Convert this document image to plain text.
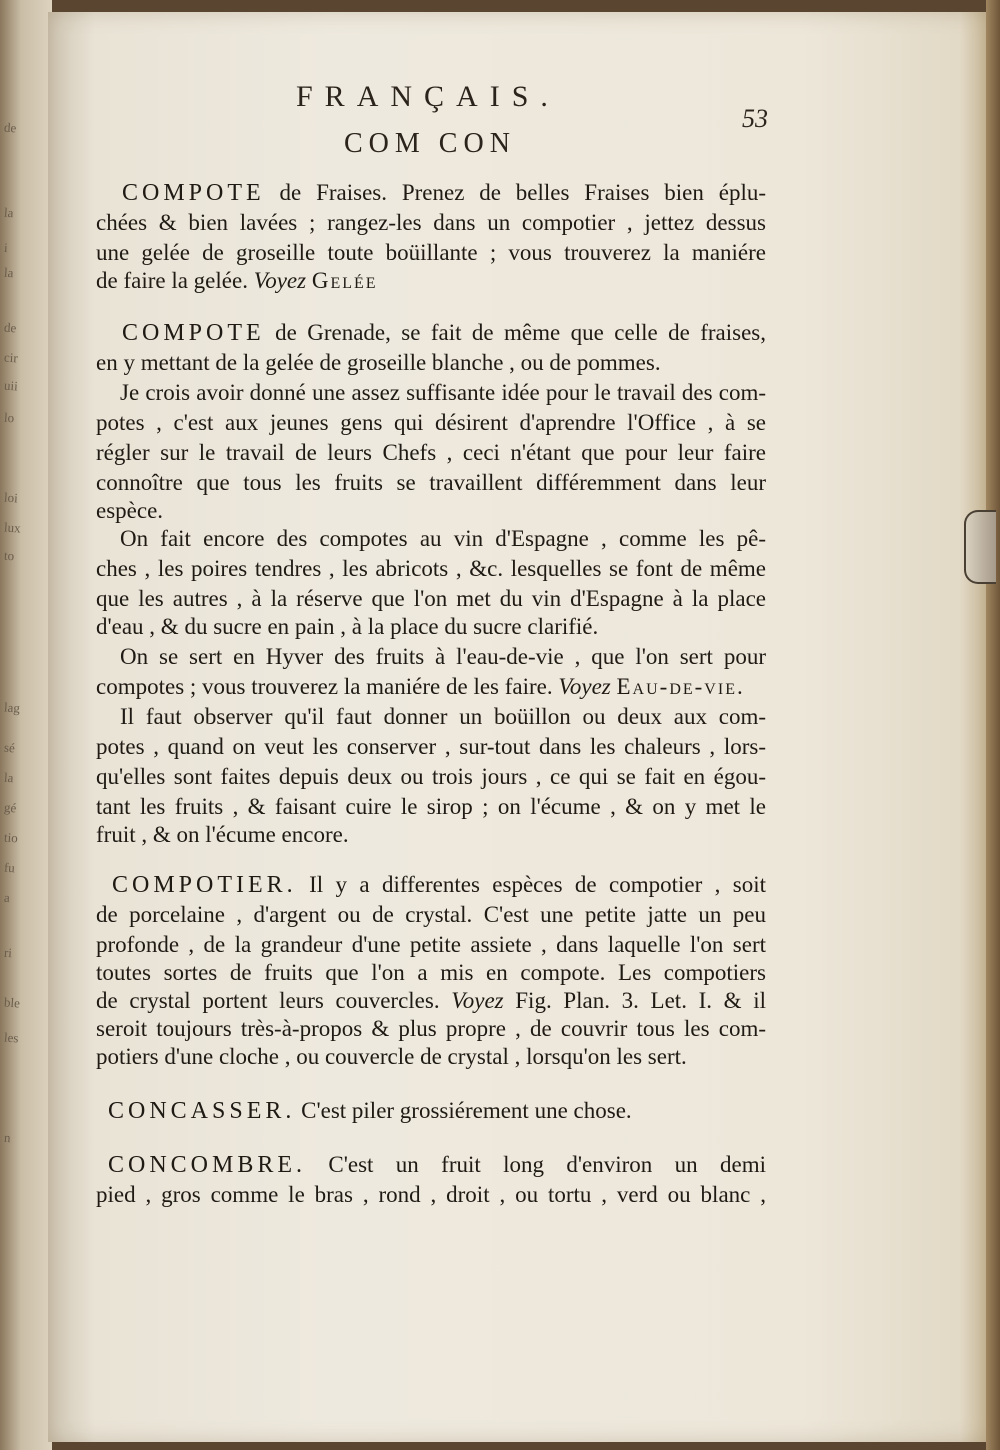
de
la
i
la
de
cir
uii
lo
loi
lux
to
lag
sé
la
gé
tio
fu
a
ri
ble
les
n
FRANÇAIS.
53
COM CON

COMPOTE de Fraises. Prenez de belles Fraises bien éplu-

chées & bien lavées ; rangez-les dans un compotier , jettez dessus

une gelée de groseille toute boüillante ; vous trouverez la maniére

de faire la gelée. Voyez Gelée

COMPOTE de Grenade, se fait de même que celle de fraises,

en y mettant de la gelée de groseille blanche , ou de pommes.

Je crois avoir donné une assez suffisante idée pour le travail des com-

potes , c'est aux jeunes gens qui désirent d'aprendre l'Office , à se

régler sur le travail de leurs Chefs , ceci n'étant que pour leur faire

connoître que tous les fruits se travaillent différemment dans leur

espèce.

On fait encore des compotes au vin d'Espagne , comme les pê-

ches , les poires tendres , les abricots , &c. lesquelles se font de même

que les autres , à la réserve que l'on met du vin d'Espagne à la place

d'eau , & du sucre en pain , à la place du sucre clarifié.

On se sert en Hyver des fruits à l'eau-de-vie , que l'on sert pour

compotes ; vous trouverez la maniére de les faire. Voyez Eau-de-vie.

Il faut observer qu'il faut donner un boüillon ou deux aux com-

potes , quand on veut les conserver , sur-tout dans les chaleurs , lors-

qu'elles sont faites depuis deux ou trois jours , ce qui se fait en égou-

tant les fruits , & faisant cuire le sirop ; on l'écume , & on y met le

fruit , & on l'écume encore.

COMPOTIER. Il y a differentes espèces de compotier , soit

de porcelaine , d'argent ou de crystal. C'est une petite jatte un peu

profonde , de la grandeur d'une petite assiete , dans laquelle l'on sert

toutes sortes de fruits que l'on a mis en compote. Les compotiers

de crystal portent leurs couvercles. Voyez Fig. Plan. 3. Let. I. & il

seroit toujours très-à-propos & plus propre , de couvrir tous les com-

potiers d'une cloche , ou couvercle de crystal , lorsqu'on les sert.

CONCASSER. C'est piler grossiérement une chose.

CONCOMBRE. C'est un fruit long d'environ un demi

pied , gros comme le bras , rond , droit , ou tortu , verd ou blanc ,
